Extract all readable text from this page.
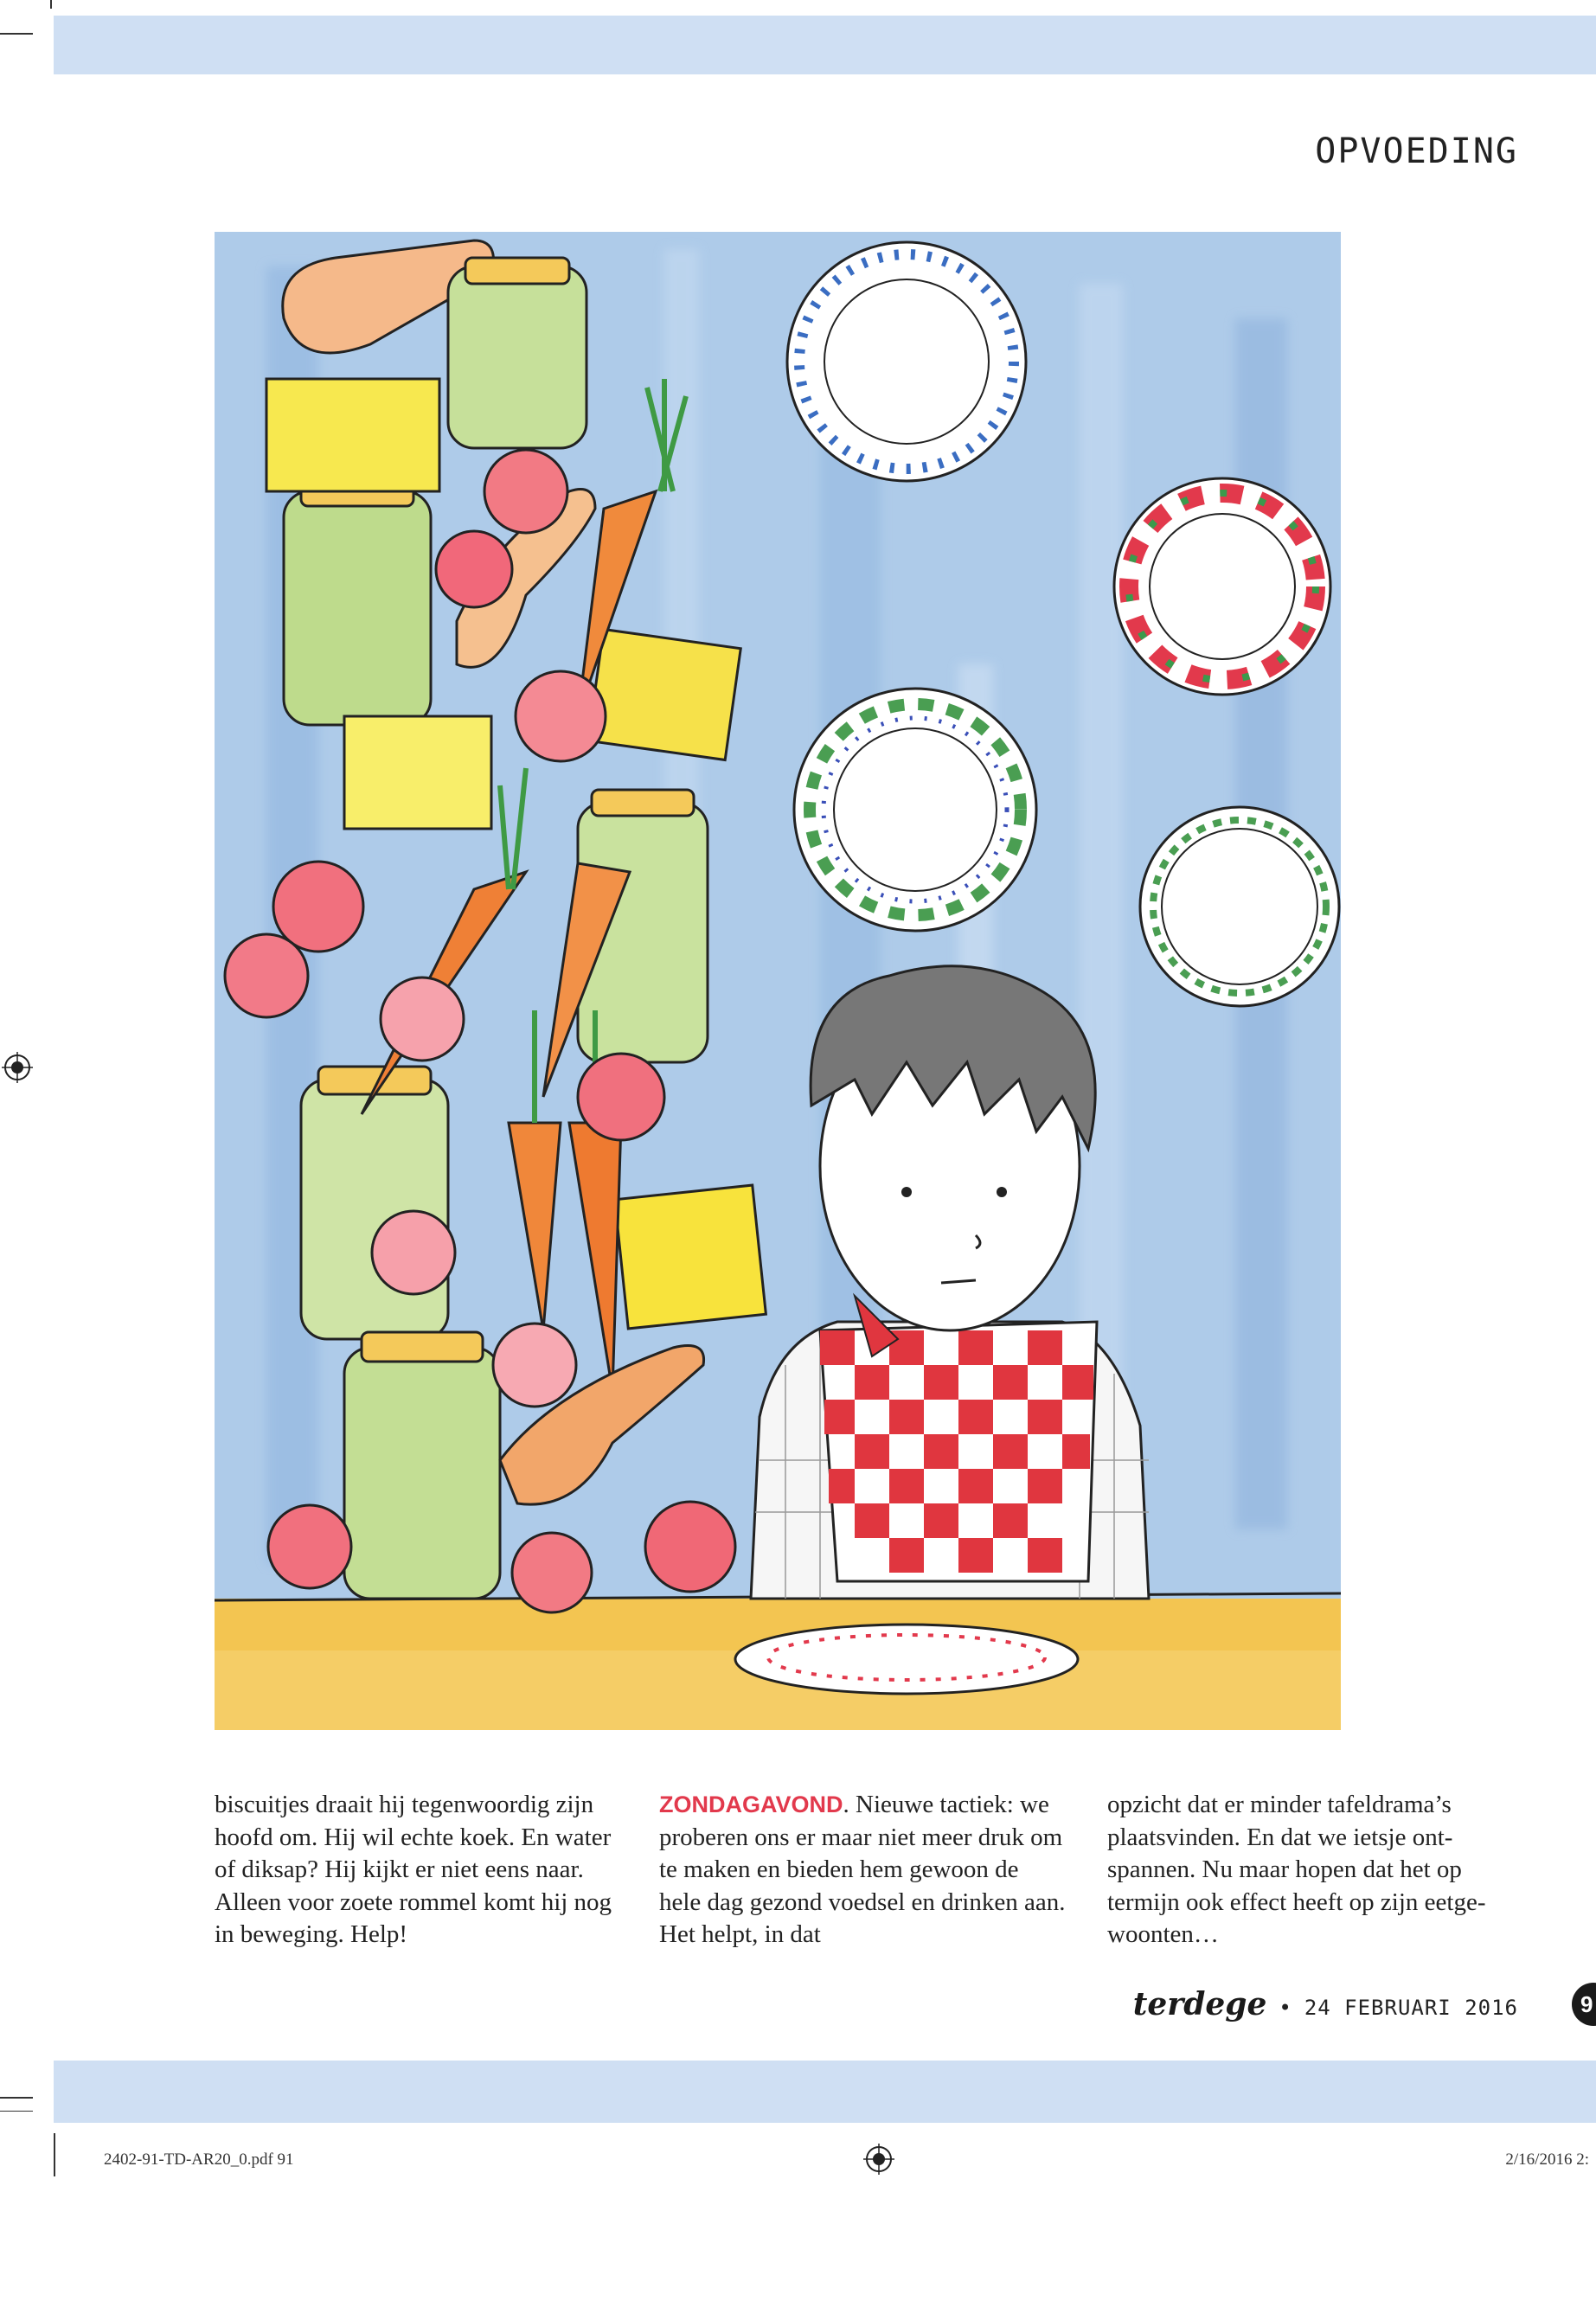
OPVOEDING

biscuitjes draait hij tegenwoordig zijn hoofd om. Hij wil echte koek. En water of diksap? Hij kijkt er niet eens naar. Alleen voor zoete rommel komt hij nog in beweging. Help!

ZONDAGAVOND. Nieuwe tactiek: we proberen ons er maar niet meer druk om te maken en bieden hem gewoon de hele dag gezond voedsel en drinken aan. Het helpt, in dat

opzicht dat er minder tafeldrama’s plaatsvinden. En dat we ietsje ont-spannen. Nu maar hopen dat het op termijn ook effect heeft op zijn eetge-woonten…

terdege • 24 FEBRUARI 2016	9
2402-91-TD-AR20_0.pdf 91	2/16/2016 2:
